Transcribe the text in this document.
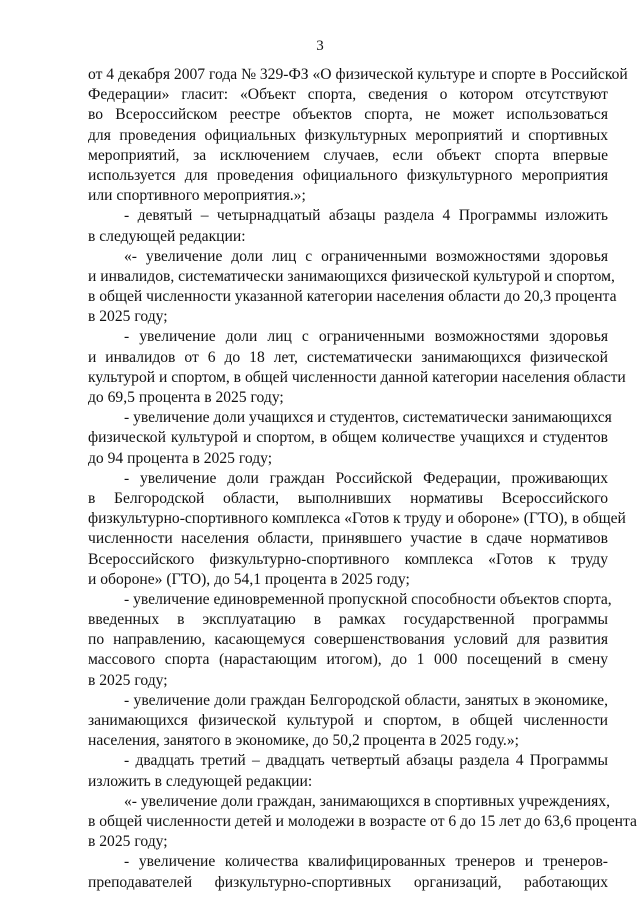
3
от 4 декабря 2007 года № 329-ФЗ «О физической культуре и спорте в Российской
Федерации» гласит: «Объект спорта, сведения о котором отсутствуют
во Всероссийском реестре объектов спорта, не может использоваться
для проведения официальных физкультурных мероприятий и спортивных
мероприятий, за исключением случаев, если объект спорта впервые
используется для проведения официального физкультурного мероприятия
или спортивного мероприятия.»;
- девятый – четырнадцатый абзацы раздела 4 Программы изложить
в следующей редакции:
«- увеличение доли лиц с ограниченными возможностями здоровья
и инвалидов, систематически занимающихся физической культурой и спортом,
в общей численности указанной категории населения области до 20,3 процента
в 2025 году;
- увеличение доли лиц с ограниченными возможностями здоровья
и инвалидов от 6 до 18 лет, систематически занимающихся физической
культурой и спортом, в общей численности данной категории населения области
до 69,5 процента в 2025 году;
- увеличение доли учащихся и студентов, систематически занимающихся
физической культурой и спортом, в общем количестве учащихся и студентов
до 94 процента в 2025 году;
- увеличение доли граждан Российской Федерации, проживающих
в Белгородской области, выполнивших нормативы Всероссийского
физкультурно-спортивного комплекса «Готов к труду и обороне» (ГТО), в общей
численности населения области, принявшего участие в сдаче нормативов
Всероссийского физкультурно-спортивного комплекса «Готов к труду
и обороне» (ГТО), до 54,1 процента в 2025 году;
- увеличение единовременной пропускной способности объектов спорта,
введенных в эксплуатацию в рамках государственной программы
по направлению, касающемуся совершенствования условий для развития
массового спорта (нарастающим итогом), до 1 000 посещений в смену
в 2025 году;
- увеличение доли граждан Белгородской области, занятых в экономике,
занимающихся физической культурой и спортом, в общей численности
населения, занятого в экономике, до 50,2 процента в 2025 году.»;
- двадцать третий – двадцать четвертый абзацы раздела 4 Программы
изложить в следующей редакции:
«- увеличение доли граждан, занимающихся в спортивных учреждениях,
в общей численности детей и молодежи в возрасте от 6 до 15 лет до 63,6 процента
в 2025 году;
- увеличение количества квалифицированных тренеров и тренеров-
преподавателей физкультурно-спортивных организаций, работающих
